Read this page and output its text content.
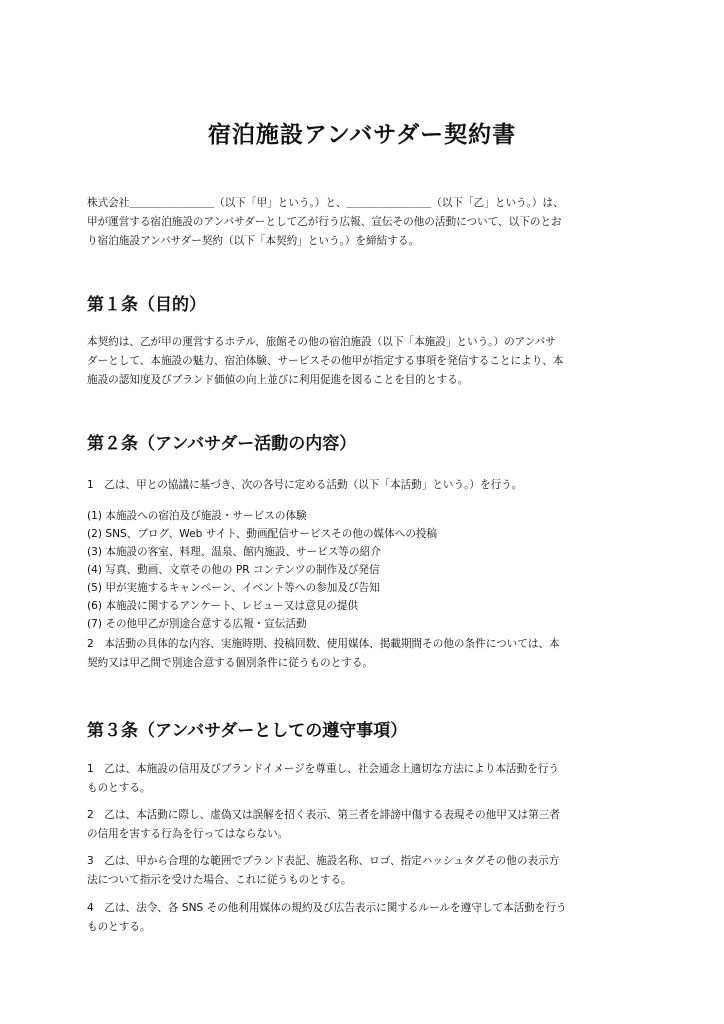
宿泊施設アンバサダー契約書
株式会社＿＿＿＿＿＿＿＿（以下「甲」という。）と、＿＿＿＿＿＿＿＿（以下「乙」という。）は、
甲が運営する宿泊施設のアンバサダーとして乙が行う広報、宣伝その他の活動について、以下のとお
り宿泊施設アンバサダー契約（以下「本契約」という。）を締結する。
第１条（目的）
本契約は、乙が甲の運営するホテル、旅館その他の宿泊施設（以下「本施設」という。）のアンバサ
ダーとして、本施設の魅力、宿泊体験、サービスその他甲が指定する事項を発信することにより、本
施設の認知度及びブランド価値の向上並びに利用促進を図ることを目的とする。
第２条（アンバサダー活動の内容）
1　乙は、甲との協議に基づき、次の各号に定める活動（以下「本活動」という。）を行う。
(1) 本施設への宿泊及び施設・サービスの体験
(2) SNS、ブログ、Web サイト、動画配信サービスその他の媒体への投稿
(3) 本施設の客室、料理、温泉、館内施設、サービス等の紹介
(4) 写真、動画、文章その他の PR コンテンツの制作及び発信
(5) 甲が実施するキャンペーン、イベント等への参加及び告知
(6) 本施設に関するアンケート、レビュー又は意見の提供
(7) その他甲乙が別途合意する広報・宣伝活動
2　本活動の具体的な内容、実施時期、投稿回数、使用媒体、掲載期間その他の条件については、本
契約又は甲乙間で別途合意する個別条件に従うものとする。
第３条（アンバサダーとしての遵守事項）
1　乙は、本施設の信用及びブランドイメージを尊重し、社会通念上適切な方法により本活動を行う
ものとする。
2　乙は、本活動に際し、虚偽又は誤解を招く表示、第三者を誹謗中傷する表現その他甲又は第三者
の信用を害する行為を行ってはならない。
3　乙は、甲から合理的な範囲でブランド表記、施設名称、ロゴ、指定ハッシュタグその他の表示方
法について指示を受けた場合、これに従うものとする。
4　乙は、法令、各 SNS その他利用媒体の規約及び広告表示に関するルールを遵守して本活動を行う
ものとする。
